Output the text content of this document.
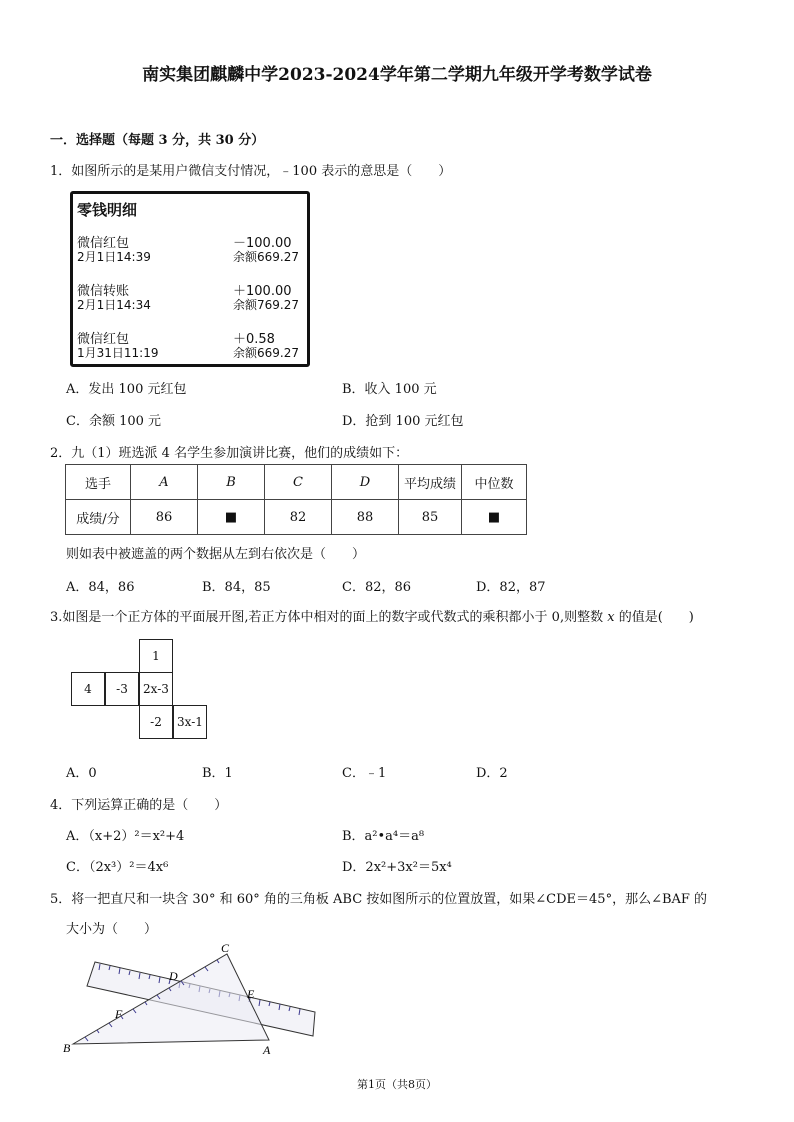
南实集团麒麟中学2023-2024学年第二学期九年级开学考数学试卷
一．选择题（每题 3 分，共 30 分）
1．如图所示的是某用户微信支付情况，﹣100 表示的意思是（　　）
零钱明细
微信红包
2月1日14:39
－100.00
余额669.27
微信转账
2月1日14:34
＋100.00
余额769.27
微信红包
1月31日11:19
＋0.58
余额669.27
A．发出 100 元红包	B．收入 100 元
C．余额 100 元	D．抢到 100 元红包
2．九（1）班选派 4 名学生参加演讲比赛，他们的成绩如下：
选手	A	B	C	D	平均成绩	中位数
成绩/分	86	■	82	88	85	■
则如表中被遮盖的两个数据从左到右依次是（　　）
A．84，86	B．84，85	C．82，86	D．82，87
3.如图是一个正方体的平面展开图,若正方体中相对的面上的数字或代数式的乘积都小于 0,则整数 x 的值是(　　)
1
4	-3	2x-3
-2	3x-1
A．0	B．1	C．﹣1	D．2
4．下列运算正确的是（　　）
A．（x+2）²＝x²+4	B．a²•a⁴＝a⁸
C．（2x³）²＝4x⁶	D．2x²+3x²＝5x⁴
5．将一把直尺和一块含 30° 和 60° 角的三角板 ABC 按如图所示的位置放置，如果∠CDE＝45°，那么∠BAF 的
大小为（　　）
C
D
E
F
B	A
第1页（共8页）
